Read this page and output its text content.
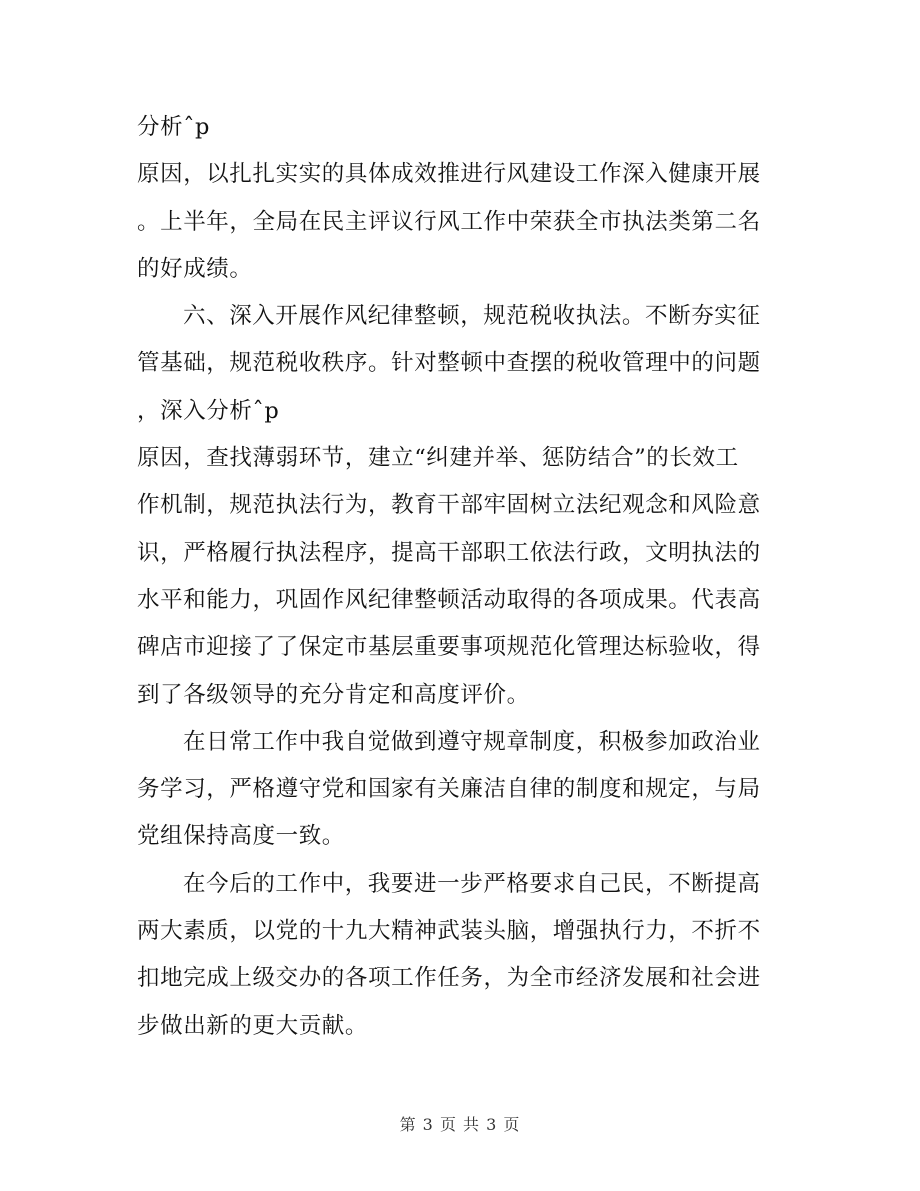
分析ˆp
原因，以扎扎实实的具体成效推进行风建设工作深入健康开展
。上半年，全局在民主评议行风工作中荣获全市执法类第二名
的好成绩。
六、深入开展作风纪律整顿，规范税收执法。不断夯实征
管基础，规范税收秩序。针对整顿中查摆的税收管理中的问题
，深入分析ˆp
原因，查找薄弱环节，建立“纠建并举、惩防结合”的长效工
作机制，规范执法行为，教育干部牢固树立法纪观念和风险意
识，严格履行执法程序，提高干部职工依法行政，文明执法的
水平和能力，巩固作风纪律整顿活动取得的各项成果。代表高
碑店市迎接了了保定市基层重要事项规范化管理达标验收，得
到了各级领导的充分肯定和高度评价。
在日常工作中我自觉做到遵守规章制度，积极参加政治业
务学习，严格遵守党和国家有关廉洁自律的制度和规定，与局
党组保持高度一致。
在今后的工作中，我要进一步严格要求自己民，不断提高
两大素质，以党的十九大精神武装头脑，增强执行力，不折不
扣地完成上级交办的各项工作任务，为全市经济发展和社会进
步做出新的更大贡献。
第 3 页 共 3 页
